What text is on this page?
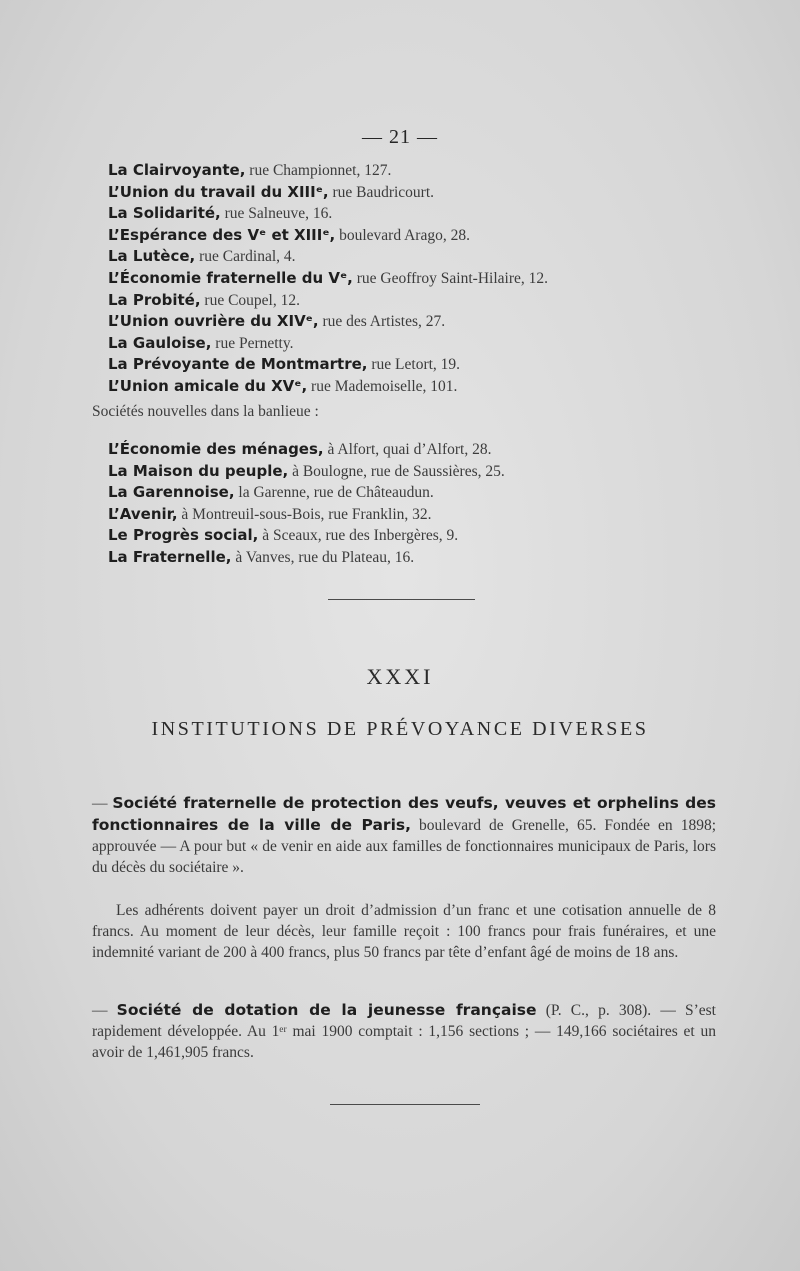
— 21 —
La Clairvoyante, rue Championnet, 127.
L’Union du travail du XIIIᵉ, rue Baudricourt.
La Solidarité, rue Salneuve, 16.
L’Espérance des Vᵉ et XIIIᵉ, boulevard Arago, 28.
La Lutèce, rue Cardinal, 4.
L’Économie fraternelle du Vᵉ, rue Geoffroy Saint-Hilaire, 12.
La Probité, rue Coupel, 12.
L’Union ouvrière du XIVᵉ, rue des Artistes, 27.
La Gauloise, rue Pernetty.
La Prévoyante de Montmartre, rue Letort, 19.
L’Union amicale du XVᵉ, rue Mademoiselle, 101.
Sociétés nouvelles dans la banlieue :
L’Économie des ménages, à Alfort, quai d’Alfort, 28.
La Maison du peuple, à Boulogne, rue de Saussières, 25.
La Garennoise, la Garenne, rue de Châteaudun.
L’Avenir, à Montreuil-sous-Bois, rue Franklin, 32.
Le Progrès social, à Sceaux, rue des Inbergères, 9.
La Fraternelle, à Vanves, rue du Plateau, 16.
XXXI
INSTITUTIONS DE PRÉVOYANCE DIVERSES
— Société fraternelle de protection des veufs, veuves et orphelins des fonctionnaires de la ville de Paris, boulevard de Grenelle, 65. Fondée en 1898; approuvée — A pour but « de venir en aide aux familles de fonctionnaires municipaux de Paris, lors du décès du sociétaire ».
Les adhérents doivent payer un droit d’admission d’un franc et une cotisation annuelle de 8 francs. Au moment de leur décès, leur famille reçoit : 100 francs pour frais funéraires, et une indemnité variant de 200 à 400 francs, plus 50 francs par tête d’enfant âgé de moins de 18 ans.
— Société de dotation de la jeunesse française (P. C., p. 308). — S’est rapidement développée. Au 1ᵉʳ mai 1900 comptait : 1,156 sections ; — 149,166 sociétaires et un avoir de 1,461,905 francs.
